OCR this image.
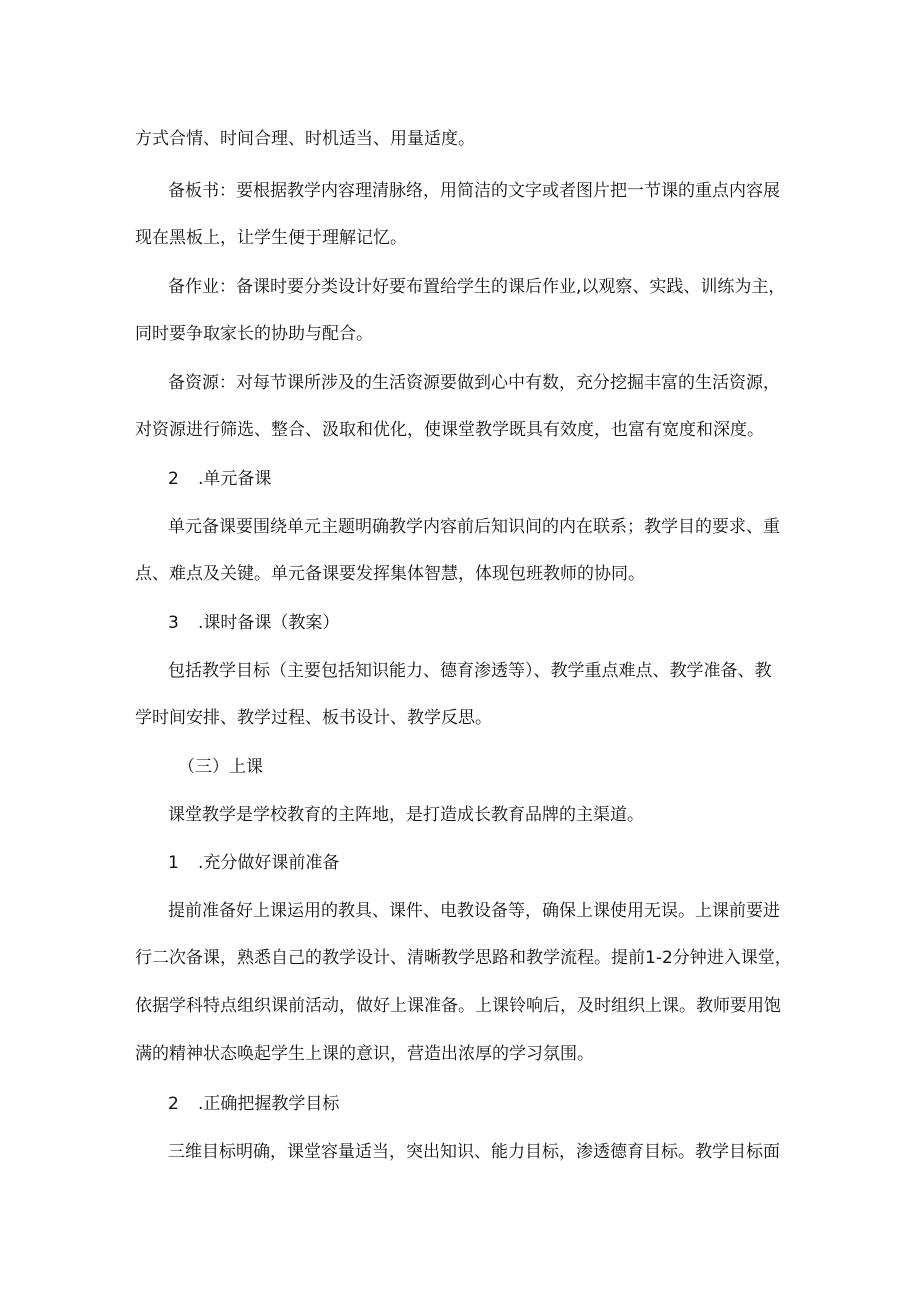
方式合情、时间合理、时机适当、用量适度。
备板书：要根据教学内容理清脉络，用简洁的文字或者图片把一节课的重点内容展
现在黑板上，让学生便于理解记忆。
备作业：备课时要分类设计好要布置给学生的课后作业,以观察、实践、训练为主，
同时要争取家长的协助与配合。
备资源：对每节课所涉及的生活资源要做到心中有数，充分挖掘丰富的生活资源，
对资源进行筛选、整合、汲取和优化，使课堂教学既具有效度，也富有宽度和深度。
2 .单元备课
单元备课要围绕单元主题明确教学内容前后知识间的内在联系；教学目的要求、重
点、难点及关键。单元备课要发挥集体智慧，体现包班教师的协同。
3 .课时备课（教案）
包括教学目标（主要包括知识能力、德育渗透等）、教学重点难点、教学准备、教
学时间安排、教学过程、板书设计、教学反思。
（三）上课
课堂教学是学校教育的主阵地，是打造成长教育品牌的主渠道。
1 .充分做好课前准备
提前准备好上课运用的教具、课件、电教设备等，确保上课使用无误。上课前要进
行二次备课，熟悉自己的教学设计、清晰教学思路和教学流程。提前1-2分钟进入课堂，
依据学科特点组织课前活动，做好上课准备。上课铃响后，及时组织上课。教师要用饱
满的精神状态唤起学生上课的意识，营造出浓厚的学习氛围。
2 .正确把握教学目标
三维目标明确，课堂容量适当，突出知识、能力目标，渗透德育目标。教学目标面
